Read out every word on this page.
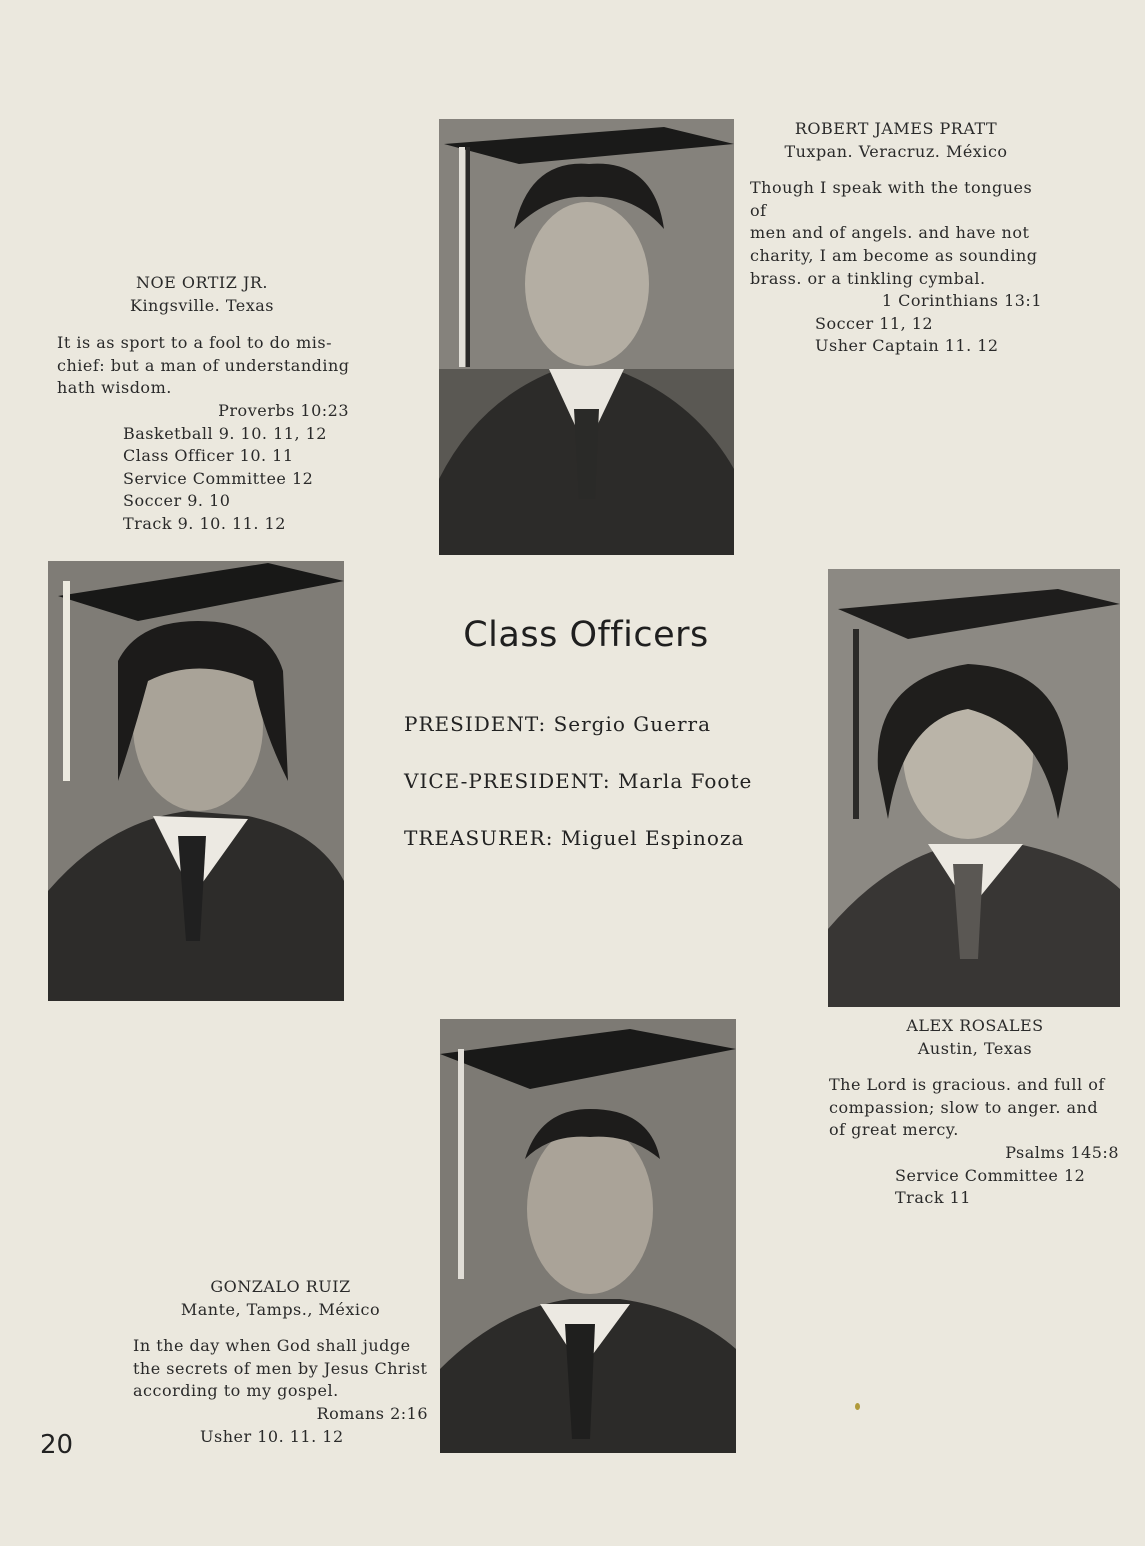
NOE ORTIZ JR.
Kingsville. Texas
It is as sport to a fool to do mis-
chief: but a man of understanding
hath wisdom.
Proverbs 10:23
Basketball 9. 10. 11, 12
Class Officer 10. 11
Service Committee 12
Soccer 9. 10
Track 9. 10. 11. 12
ROBERT JAMES PRATT
Tuxpan. Veracruz. México
Though I speak with the tongues of
men and of angels. and have not
charity, I am become as sounding
brass. or a tinkling cymbal.
1 Corinthians 13:1
Soccer 11, 12
Usher Captain 11. 12
ALEX ROSALES
Austin, Texas
The Lord is gracious. and full of
compassion; slow to anger. and
of great mercy.
Psalms 145:8
Service Committee 12
Track 11
GONZALO RUIZ
Mante, Tamps., México
In the day when God shall judge
the secrets of men by Jesus Christ
according to my gospel.
Romans 2:16
Usher 10. 11. 12
Class Officers
PRESIDENT: Sergio Guerra
VICE-PRESIDENT: Marla Foote
TREASURER: Miguel Espinoza
20
